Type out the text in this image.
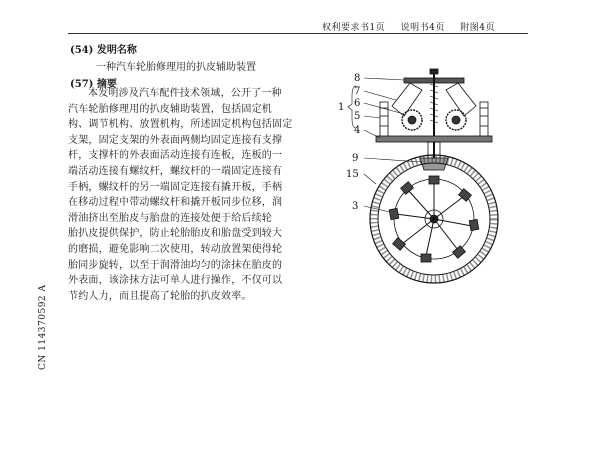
权利要求书1页 说明书4页 附图4页
(54) 发明名称
一种汽车轮胎修理用的扒皮辅助装置
(57) 摘要
本发明涉及汽车配件技术领域，公开了一种
汽车轮胎修理用的扒皮辅助装置，包括固定机
构、调节机构、放置机构，所述固定机构包括固定
支架，固定支架的外表面两侧均固定连接有支撑
杆，支撑杆的外表面活动连接有连板，连板的一
端活动连接有螺纹杆，螺纹杆的一端固定连接有
手柄，螺纹杆的另一端固定连接有撬开板，手柄
在移动过程中带动螺纹杆和撬开板同步位移，润
滑油挤出至胎皮与胎盘的连接处便于给后续轮
胎扒皮提供保护，防止轮胎胎皮和胎盘受到较大
的磨损，避免影响二次使用，转动放置架使得轮
胎同步旋转，以至于润滑油均匀的涂抹在胎皮的
外表面，该涂抹方法可单人进行操作，不仅可以
节约人力，而且提高了轮胎的扒皮效率。
CN 114370592 A
8
7
6
1
5
4
9
15
3
